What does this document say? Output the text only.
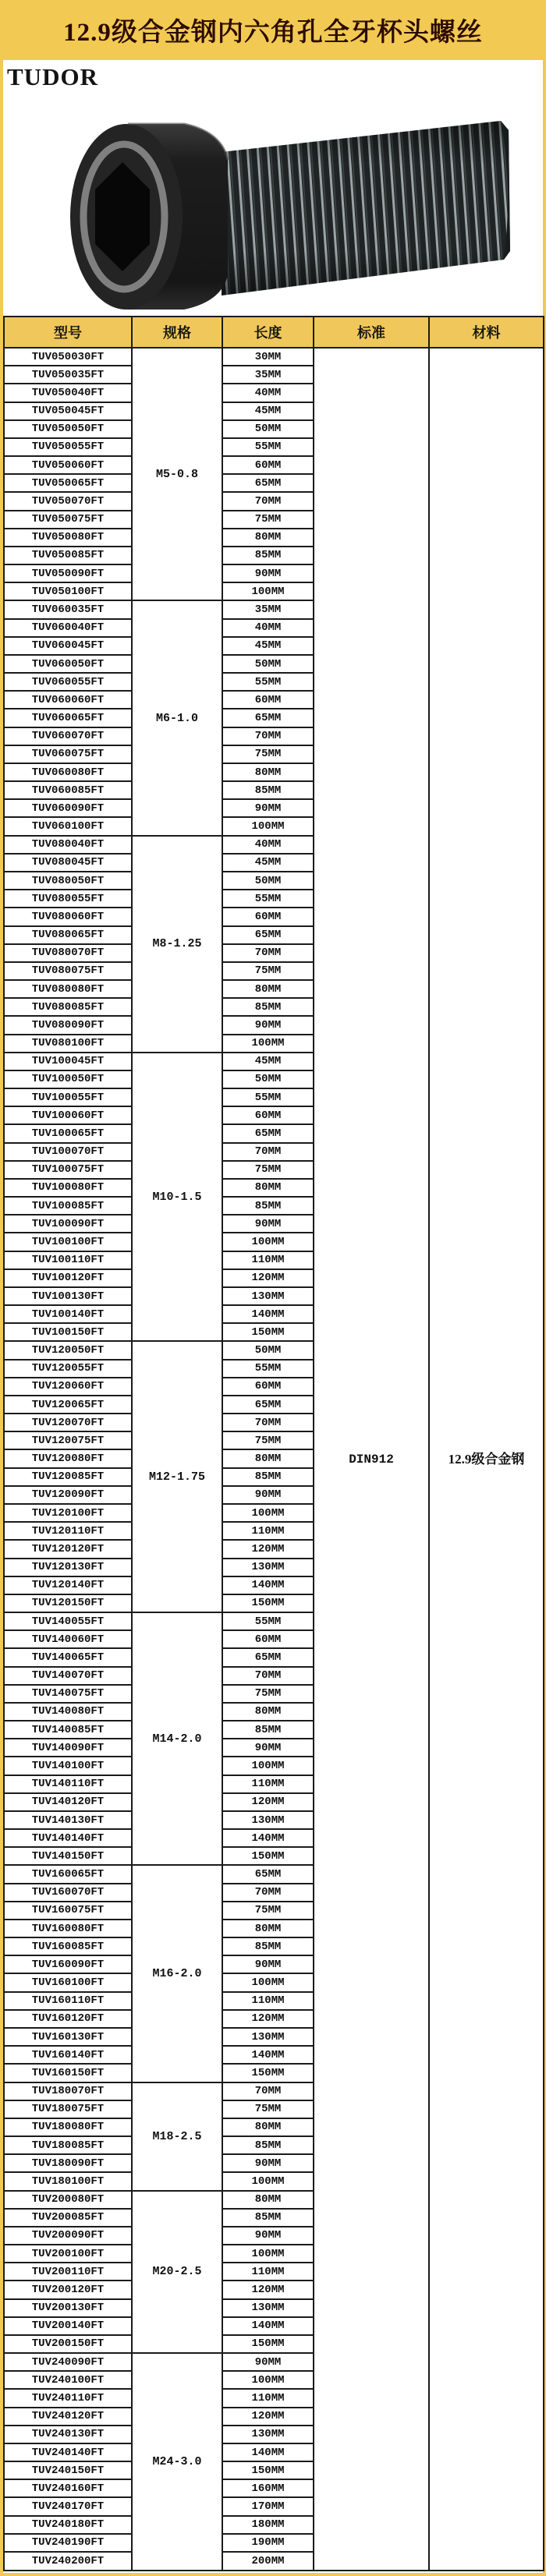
12.9级合金钢内六角孔全牙杯头螺丝
TUDOR
型号	规格	长度	标准	材料
TUV050030FT	M5-0.8	30MM	DIN912	12.9级合金钢
TUV050035FT		35MM		
TUV050040FT		40MM		
TUV050045FT		45MM		
TUV050050FT		50MM		
TUV050055FT		55MM		
TUV050060FT		60MM		
TUV050065FT		65MM		
TUV050070FT		70MM		
TUV050075FT		75MM		
TUV050080FT		80MM		
TUV050085FT		85MM		
TUV050090FT		90MM		
TUV050100FT		100MM		
TUV060035FT	M6-1.0	35MM		
TUV060040FT		40MM		
TUV060045FT		45MM		
TUV060050FT		50MM		
TUV060055FT		55MM		
TUV060060FT		60MM		
TUV060065FT		65MM		
TUV060070FT		70MM		
TUV060075FT		75MM		
TUV060080FT		80MM		
TUV060085FT		85MM		
TUV060090FT		90MM		
TUV060100FT		100MM		
TUV080040FT	M8-1.25	40MM		
TUV080045FT		45MM		
TUV080050FT		50MM		
TUV080055FT		55MM		
TUV080060FT		60MM		
TUV080065FT		65MM		
TUV080070FT		70MM		
TUV080075FT		75MM		
TUV080080FT		80MM		
TUV080085FT		85MM		
TUV080090FT		90MM		
TUV080100FT		100MM		
TUV100045FT	M10-1.5	45MM		
TUV100050FT		50MM		
TUV100055FT		55MM		
TUV100060FT		60MM		
TUV100065FT		65MM		
TUV100070FT		70MM		
TUV100075FT		75MM		
TUV100080FT		80MM		
TUV100085FT		85MM		
TUV100090FT		90MM		
TUV100100FT		100MM		
TUV100110FT		110MM		
TUV100120FT		120MM		
TUV100130FT		130MM		
TUV100140FT		140MM		
TUV100150FT		150MM		
TUV120050FT	M12-1.75	50MM		
TUV120055FT		55MM		
TUV120060FT		60MM		
TUV120065FT		65MM		
TUV120070FT		70MM		
TUV120075FT		75MM		
TUV120080FT		80MM		
TUV120085FT		85MM		
TUV120090FT		90MM		
TUV120100FT		100MM		
TUV120110FT		110MM		
TUV120120FT		120MM		
TUV120130FT		130MM		
TUV120140FT		140MM		
TUV120150FT		150MM		
TUV140055FT	M14-2.0	55MM		
TUV140060FT		60MM		
TUV140065FT		65MM		
TUV140070FT		70MM		
TUV140075FT		75MM		
TUV140080FT		80MM		
TUV140085FT		85MM		
TUV140090FT		90MM		
TUV140100FT		100MM		
TUV140110FT		110MM		
TUV140120FT		120MM		
TUV140130FT		130MM		
TUV140140FT		140MM		
TUV140150FT		150MM		
TUV160065FT	M16-2.0	65MM		
TUV160070FT		70MM		
TUV160075FT		75MM		
TUV160080FT		80MM		
TUV160085FT		85MM		
TUV160090FT		90MM		
TUV160100FT		100MM		
TUV160110FT		110MM		
TUV160120FT		120MM		
TUV160130FT		130MM		
TUV160140FT		140MM		
TUV160150FT		150MM		
TUV180070FT	M18-2.5	70MM		
TUV180075FT		75MM		
TUV180080FT		80MM		
TUV180085FT		85MM		
TUV180090FT		90MM		
TUV180100FT		100MM		
TUV200080FT	M20-2.5	80MM		
TUV200085FT		85MM		
TUV200090FT		90MM		
TUV200100FT		100MM		
TUV200110FT		110MM		
TUV200120FT		120MM		
TUV200130FT		130MM		
TUV200140FT		140MM		
TUV200150FT		150MM		
TUV240090FT	M24-3.0	90MM		
TUV240100FT		100MM		
TUV240110FT		110MM		
TUV240120FT		120MM		
TUV240130FT		130MM		
TUV240140FT		140MM		
TUV240150FT		150MM		
TUV240160FT		160MM		
TUV240170FT		170MM		
TUV240180FT		180MM		
TUV240190FT		190MM		
TUV240200FT		200MM		
